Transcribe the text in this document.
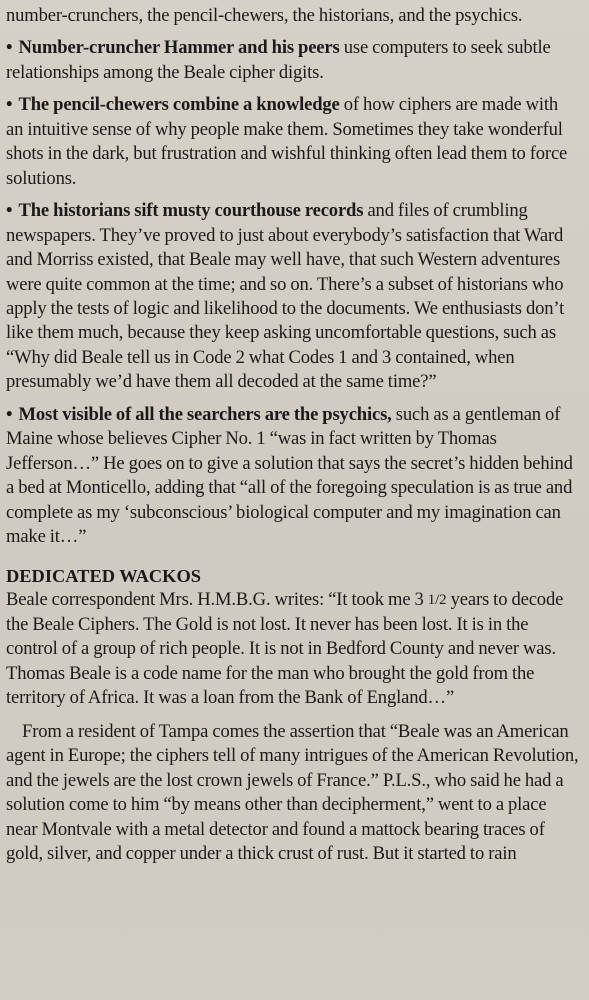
number-crunchers, the pencil-chewers, the historians, and the psychics.

• Number-cruncher Hammer and his peers use computers to seek subtle relationships among the Beale cipher digits.

• The pencil-chewers combine a knowledge of how ciphers are made with an intuitive sense of why people make them. Sometimes they take wonderful shots in the dark, but frustration and wishful thinking often lead them to force solutions.

• The historians sift musty courthouse records and files of crumbling newspapers. They’ve proved to just about everybody’s satisfaction that Ward and Morriss existed, that Beale may well have, that such Western adventures were quite common at the time; and so on. There’s a subset of historians who apply the tests of logic and likelihood to the documents. We enthusiasts don’t like them much, because they keep asking uncomfortable questions, such as “Why did Beale tell us in Code 2 what Codes 1 and 3 contained, when presumably we’d have them all decoded at the same time?”

• Most visible of all the searchers are the psychics, such as a gentleman of Maine whose believes Cipher No. 1 “was in fact written by Thomas Jefferson…” He goes on to give a solution that says the secret’s hidden behind a bed at Monticello, adding that “all of the foregoing speculation is as true and complete as my ‘subconscious’ biological computer and my imagination can make it…”

DEDICATED WACKOS

Beale correspondent Mrs. H.M.B.G. writes: “It took me 3 1/2 years to decode the Beale Ciphers. The Gold is not lost. It never has been lost. It is in the control of a group of rich people. It is not in Bedford County and never was. Thomas Beale is a code name for the man who brought the gold from the territory of Africa. It was a loan from the Bank of England…”

From a resident of Tampa comes the assertion that “Beale was an American agent in Europe; the ciphers tell of many intrigues of the American Revolution, and the jewels are the lost crown jewels of France.” P.L.S., who said he had a solution come to him “by means other than decipherment,” went to a place near Montvale with a metal detector and found a mattock bearing traces of gold, silver, and copper under a thick crust of rust. But it started to rain
